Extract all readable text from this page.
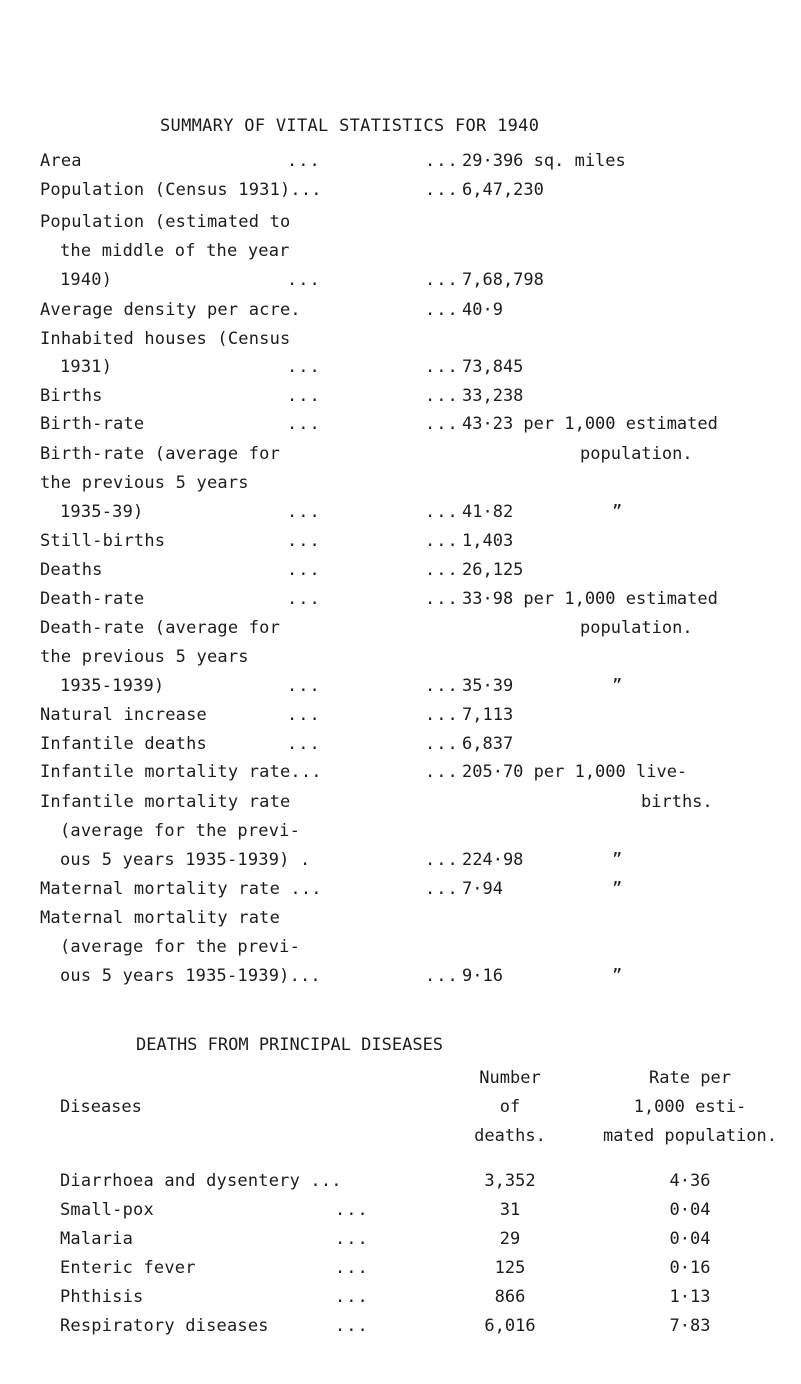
SUMMARY OF VITAL STATISTICS FOR 1940
Area	...	... 29·396 sq. miles
Population (Census 1931)...	... 6,47,230
Population (estimated to
the middle of the year
1940)	...	... 7,68,798
Average density per acre.	... 40·9
Inhabited houses (Census
1931)	...	... 73,845
Births	...	... 33,238
Birth-rate	...	... 43·23 per 1,000 estimated
population.
Birth-rate (average for
the previous 5 years
1935-39)	...	... 41·82	”
Still-births	...	... 1,403
Deaths	...	... 26,125
Death-rate	...	... 33·98 per 1,000 estimated
population.
Death-rate (average for
the previous 5 years
1935-1939)	...	... 35·39	”
Natural increase	...	... 7,113
Infantile deaths	...	... 6,837
Infantile mortality rate...	... 205·70 per 1,000 live-
births.
Infantile mortality rate
(average for the previ-
ous 5 years 1935-1939) .	... 224·98	”
Maternal mortality rate ...	... 7·94	”
Maternal mortality rate
(average for the previ-
ous 5 years 1935-1939)...	... 9·16	”
DEATHS FROM PRINCIPAL DISEASES
Diseases
Number
of
deaths.
Rate per
1,000 esti-
mated population.
Diarrhoea and dysentery ...	3,352	4·36
Small-pox	...	31	0·04
Malaria	...	29	0·04
Enteric fever	...	125	0·16
Phthisis	...	866	1·13
Respiratory diseases	...	6,016	7·83
